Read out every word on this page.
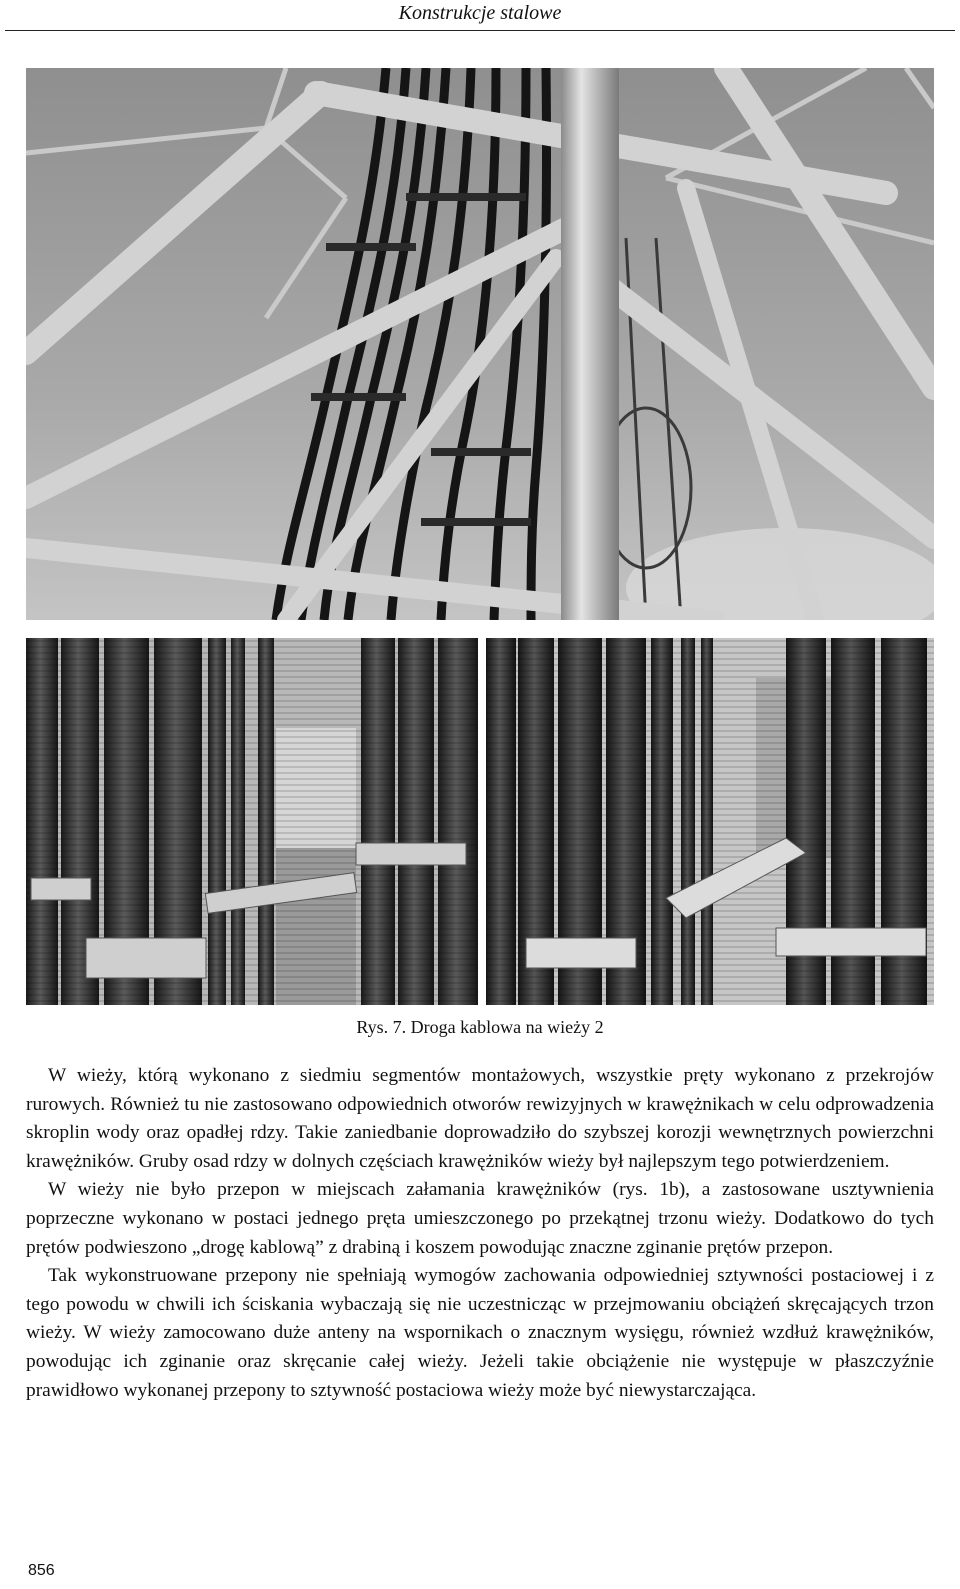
Konstrukcje stalowe
Rys. 7. Droga kablowa na wieży 2

W wieży, którą wykonano z siedmiu segmentów montażowych, wszystkie pręty wykonano z przekrojów rurowych. Również tu nie zastosowano odpowiednich otworów rewizyjnych w krawężnikach w celu odprowadzenia skroplin wody oraz opadłej rdzy. Takie zaniedbanie doprowadziło do szybszej korozji wewnętrznych powierzchni krawężników. Gruby osad rdzy w dolnych częściach krawężników wieży był najlepszym tego potwierdzeniem.

W wieży nie było przepon w miejscach załamania krawężników (rys. 1b), a zastosowane usztywnienia poprzeczne wykonano w postaci jednego pręta umieszczonego po przekątnej trzonu wieży. Dodatkowo do tych prętów podwieszono „drogę kablową” z drabiną i koszem powodując znaczne zginanie prętów przepon.

Tak wykonstruowane przepony nie spełniają wymogów zachowania odpowiedniej sztywności postaciowej i z tego powodu w chwili ich ściskania wybaczają się nie uczestnicząc w przejmowaniu obciążeń skręcających trzon wieży. W wieży zamocowano duże anteny na wspornikach o znacznym wysięgu, również wzdłuż krawężników, powodując ich zginanie oraz skręcanie całej wieży. Jeżeli takie obciążenie nie występuje w płaszczyźnie prawidłowo wykonanej przepony to sztywność postaciowa wieży może być niewystarczająca.

856
